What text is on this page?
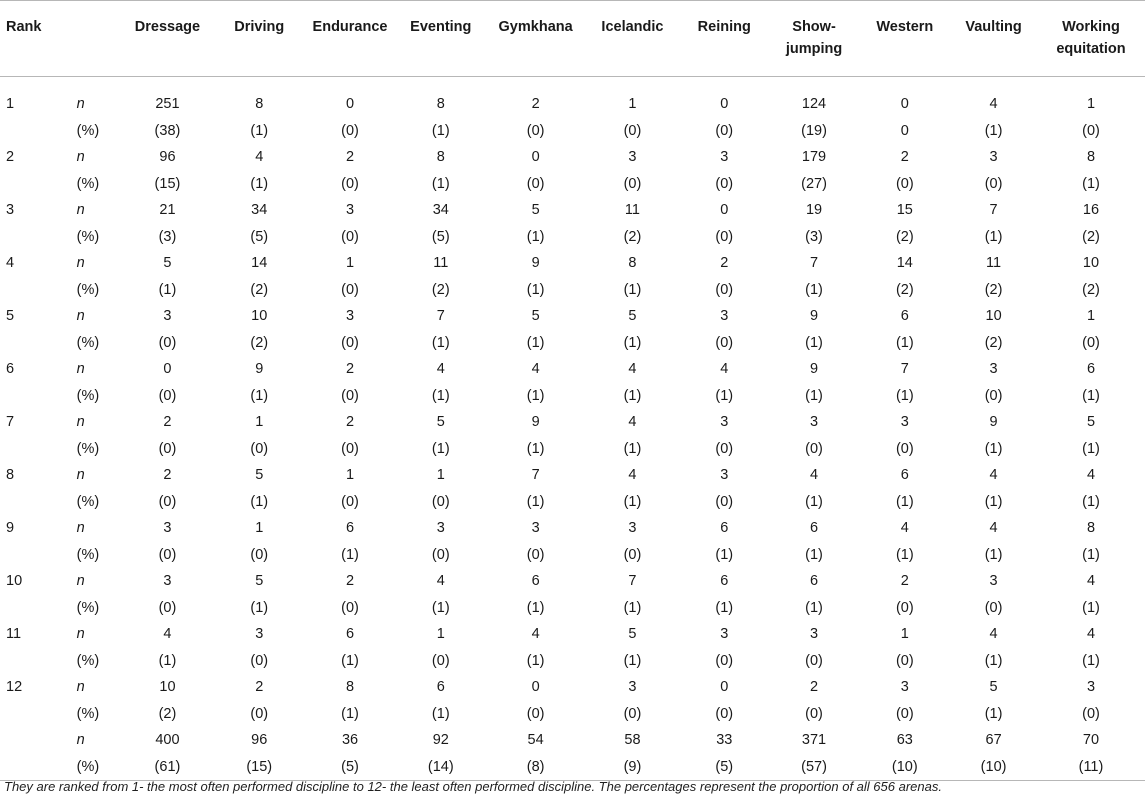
Rank		Dressage	Driving	Endurance	Eventing	Gymkhana	Icelandic	Reining	Show-
jumping	Western	Vaulting	Working
equitation
1	n	251	8	0	8	2	1	0	124	0	4	1
	(%)	(38)	(1)	(0)	(1)	(0)	(0)	(0)	(19)	0	(1)	(0)
2	n	96	4	2	8	0	3	3	179	2	3	8
	(%)	(15)	(1)	(0)	(1)	(0)	(0)	(0)	(27)	(0)	(0)	(1)
3	n	21	34	3	34	5	11	0	19	15	7	16
	(%)	(3)	(5)	(0)	(5)	(1)	(2)	(0)	(3)	(2)	(1)	(2)
4	n	5	14	1	11	9	8	2	7	14	11	10
	(%)	(1)	(2)	(0)	(2)	(1)	(1)	(0)	(1)	(2)	(2)	(2)
5	n	3	10	3	7	5	5	3	9	6	10	1
	(%)	(0)	(2)	(0)	(1)	(1)	(1)	(0)	(1)	(1)	(2)	(0)
6	n	0	9	2	4	4	4	4	9	7	3	6
	(%)	(0)	(1)	(0)	(1)	(1)	(1)	(1)	(1)	(1)	(0)	(1)
7	n	2	1	2	5	9	4	3	3	3	9	5
	(%)	(0)	(0)	(0)	(1)	(1)	(1)	(0)	(0)	(0)	(1)	(1)
8	n	2	5	1	1	7	4	3	4	6	4	4
	(%)	(0)	(1)	(0)	(0)	(1)	(1)	(0)	(1)	(1)	(1)	(1)
9	n	3	1	6	3	3	3	6	6	4	4	8
	(%)	(0)	(0)	(1)	(0)	(0)	(0)	(1)	(1)	(1)	(1)	(1)
10	n	3	5	2	4	6	7	6	6	2	3	4
	(%)	(0)	(1)	(0)	(1)	(1)	(1)	(1)	(1)	(0)	(0)	(1)
11	n	4	3	6	1	4	5	3	3	1	4	4
	(%)	(1)	(0)	(1)	(0)	(1)	(1)	(0)	(0)	(0)	(1)	(1)
12	n	10	2	8	6	0	3	0	2	3	5	3
	(%)	(2)	(0)	(1)	(1)	(0)	(0)	(0)	(0)	(0)	(1)	(0)
	n	400	96	36	92	54	58	33	371	63	67	70
	(%)	(61)	(15)	(5)	(14)	(8)	(9)	(5)	(57)	(10)	(10)	(11)
They are ranked from 1- the most often performed discipline to 12- the least often performed discipline. The percentages represent the proportion of all 656 arenas.
